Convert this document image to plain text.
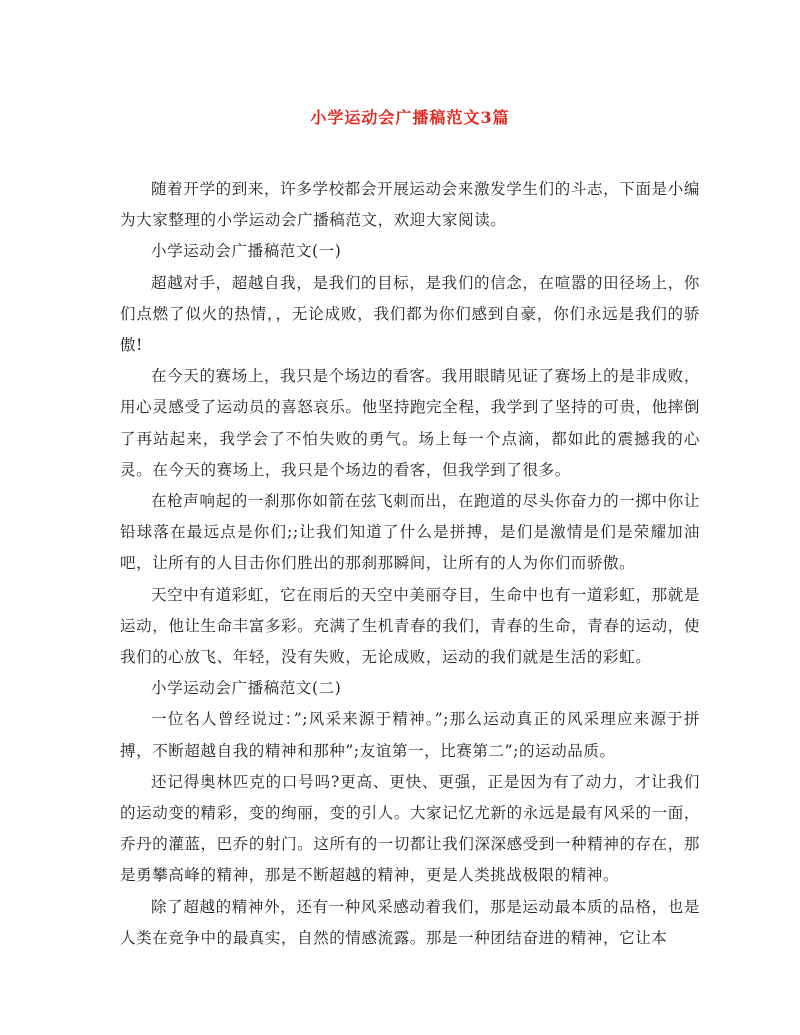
小学运动会广播稿范文3篇

随着开学的到来，许多学校都会开展运动会来激发学生们的斗志，下面是小编为大家整理的小学运动会广播稿范文，欢迎大家阅读。

小学运动会广播稿范文(一)

超越对手，超越自我，是我们的目标，是我们的信念，在喧嚣的田径场上，你们点燃了似火的热情，，无论成败，我们都为你们感到自豪，你们永远是我们的骄傲!

在今天的赛场上，我只是个场边的看客。我用眼睛见证了赛场上的是非成败，用心灵感受了运动员的喜怒哀乐。他坚持跑完全程，我学到了坚持的可贵，他摔倒了再站起来，我学会了不怕失败的勇气。场上每一个点滴，都如此的震撼我的心灵。在今天的赛场上，我只是个场边的看客，但我学到了很多。

在枪声响起的一刹那你如箭在弦飞刺而出，在跑道的尽头你奋力的一掷中你让铅球落在最远点是你们;;让我们知道了什么是拼搏，是们是激情是们是荣耀加油吧，让所有的人目击你们胜出的那刹那瞬间，让所有的人为你们而骄傲。

天空中有道彩虹，它在雨后的天空中美丽夺目，生命中也有一道彩虹，那就是运动，他让生命丰富多彩。充满了生机青春的我们，青春的生命，青春的运动，使我们的心放飞、年轻，没有失败，无论成败，运动的我们就是生活的彩虹。

小学运动会广播稿范文(二)

一位名人曾经说过：”;风采来源于精神。”;那么运动真正的风采理应来源于拼搏，不断超越自我的精神和那种”;友谊第一，比赛第二”;的运动品质。

还记得奥林匹克的口号吗?更高、更快、更强，正是因为有了动力，才让我们的运动变的精彩，变的绚丽，变的引人。大家记忆尤新的永远是最有风采的一面，乔丹的灌蓝，巴乔的射门。这所有的一切都让我们深深感受到一种精神的存在，那是勇攀高峰的精神，那是不断超越的精神，更是人类挑战极限的精神。

除了超越的精神外，还有一种风采感动着我们，那是运动最本质的品格，也是人类在竞争中的最真实，自然的情感流露。那是一种团结奋进的精神，它让本
